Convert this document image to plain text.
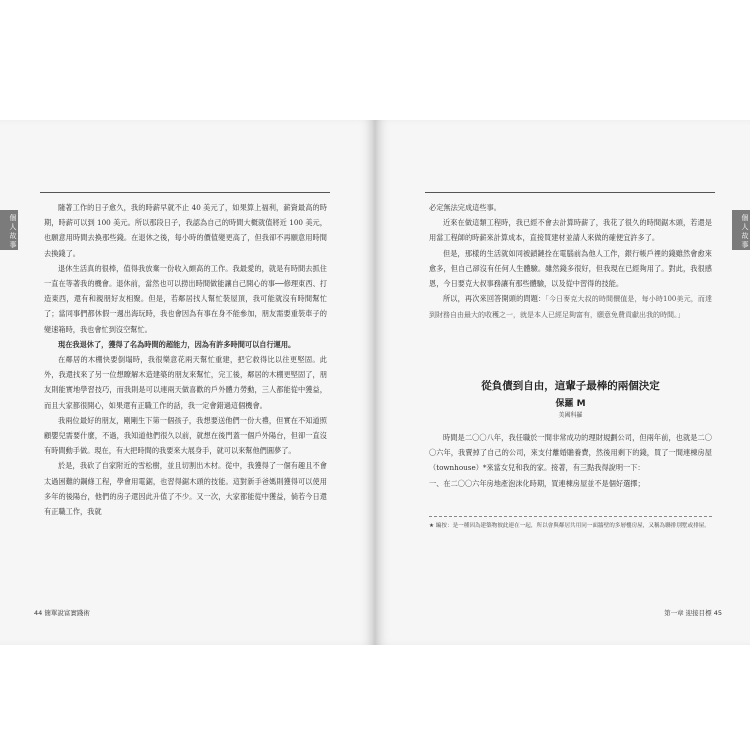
個人故事

隨著工作的日子愈久，我的時薪早就不止 40 美元了，如果算上福利，薪資最高的時期，時薪可以到 100 美元。所以那段日子，我認為自己的時間大概就值將近 100 美元，也願意用時間去換那些錢。在退休之後，每小時的價值變更高了，但我卻不再願意用時間去換錢了。

退休生活真的很棒，值得我放棄一份收入頗高的工作。我最愛的，就是有時間去抓住一直在等著我的機會。退休前，當然也可以撈出時間做能讓自己開心的事──修理東西、打造東西，還有和親朋好友相聚。但是，若鄰居找人幫忙裝屋頂，我可能就沒有時間幫忙了；當同事們都休假一週出海玩時，我也會因為有事在身不能參加，朋友需要重裝車子的變速箱時，我也會忙到沒空幫忙。

現在我退休了，獲得了名為時間的超能力，因為有許多時間可以自行運用。

在鄰居的木棚快要倒塌時，我很樂意花兩天幫忙重建，把它救得比以往更堅固。此外，我還找來了另一位想瞭解木造建築的朋友來幫忙，完工後，鄰居的木棚更堅固了，朋友則能實地學習技巧，而我則是可以連兩天做喜歡的戶外體力勞動，三人都能從中獲益，而且大家都很開心，如果還有正職工作的話，我一定會錯過這個機會。

我兩位最好的朋友，剛剛生下第一個孩子，我想要送他們一份大禮，但實在不知道照顧嬰兒需要什麼，不過，我知道他們很久以前，就想在後門蓋一個戶外陽台，但卻一直沒有時間動手做。現在，有大把時間的我要來大展身手，就可以來幫他們圓夢了。

於是，我砍了自家附近的雪松樹，並且切割出木材。從中，我獲得了一個有趣且不會太過困難的鋼條工程，學會用電鋸，也習得鋸木頭的技能。這對新手爸媽則獲得可以使用多年的後陽台，他們的房子還因此升值了不少。又一次，大家都能從中獲益，倘若今日還有正職工作，我就

44 簡單說富實踐術
個人故事

必定無法完成這些事。

近來在做這類工程時，我已經不會去計算時薪了，我花了很久的時間鋸木頭，若還是用當工程師的時薪來計算成本，直接買建材並請人來做的確便宜許多了。

但是，那樣的生活就如同被鎖鏈拴在電腦前為他人工作，銀行帳戶裡的錢雖然會愈來愈多，但自己卻沒有任何人生體驗。雖然錢多很好，但我現在已經夠用了。對此，我很感恩，今日要克大叔事務讓有那些體驗，以及從中習得的技能。

所以，再次來回答開頭的問題：「今日麥克大叔的時間價值是，每小時100美元，而達到財務自由最大的收穫之一，就是本人已經足夠富有，願意免費貢獻出我的時間。」

從負債到自由，這輩子最棒的兩個決定
保羅 M
美國科羅

時間是二〇〇八年，我任職於一間非常成功的理財規劃公司，但兩年前，也就是二〇〇六年，我賣掉了自己的公司，來支付離婚贍養費，然後用剩下的錢，買了一間連棟房屋（townhouse）*來當女兒和我的家。接著，有三點我得說明一下：

一、在二〇〇六年房地產泡沫化時期，買連棟房屋並不是個好選擇；

★ 編按：是一種因為建築物彼此連在一起，所以會與鄰居共用同一面牆壁的多層樓房屋，又稱為聯排別墅或排屋。
第一章 迎接目標 45
